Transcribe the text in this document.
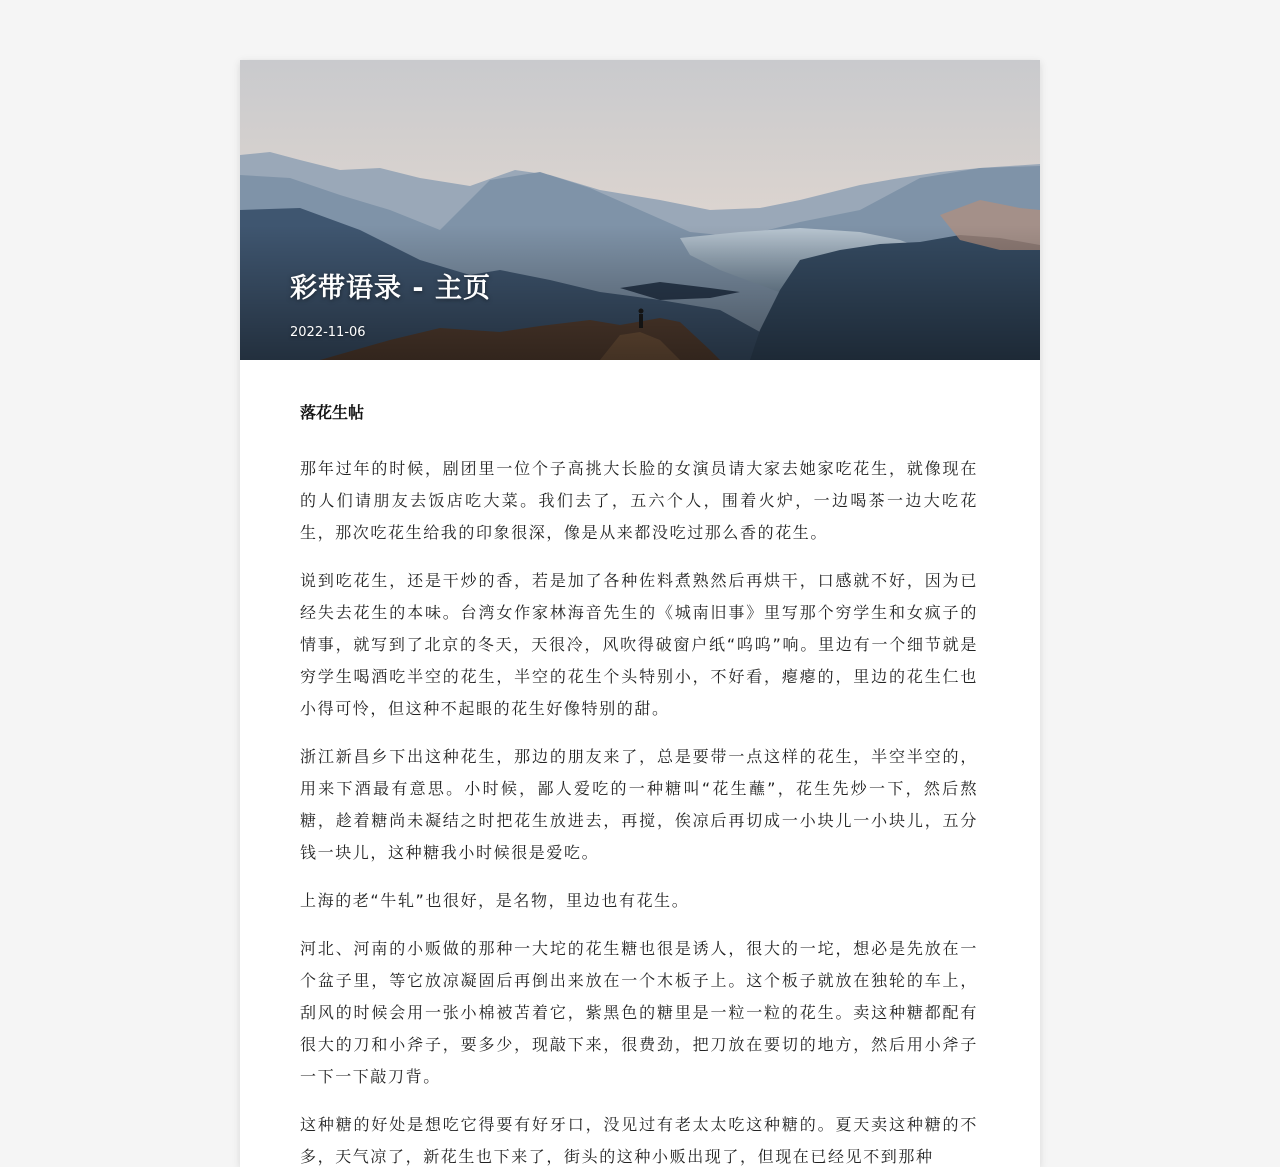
彩带语录 - 主页
2022-11-06
落花生帖

那年过年的时候，剧团里一位个子高挑大长脸的女演员请大家去她家吃花生，就像现在的人们请朋友去饭店吃大菜。我们去了，五六个人，围着火炉，一边喝茶一边大吃花生，那次吃花生给我的印象很深，像是从来都没吃过那么香的花生。

说到吃花生，还是干炒的香，若是加了各种佐料煮熟然后再烘干，口感就不好，因为已经失去花生的本味。台湾女作家林海音先生的《城南旧事》里写那个穷学生和女疯子的情事，就写到了北京的冬天，天很冷，风吹得破窗户纸“呜呜”响。里边有一个细节就是穷学生喝酒吃半空的花生，半空的花生个头特别小，不好看，瘪瘪的，里边的花生仁也小得可怜，但这种不起眼的花生好像特别的甜。

浙江新昌乡下出这种花生，那边的朋友来了，总是要带一点这样的花生，半空半空的，用来下酒最有意思。小时候，鄙人爱吃的一种糖叫“花生蘸”，花生先炒一下，然后熬糖，趁着糖尚未凝结之时把花生放进去，再搅，俟凉后再切成一小块儿一小块儿，五分钱一块儿，这种糖我小时候很是爱吃。

上海的老“牛轧”也很好，是名物，里边也有花生。

河北、河南的小贩做的那种一大坨的花生糖也很是诱人，很大的一坨，想必是先放在一个盆子里，等它放凉凝固后再倒出来放在一个木板子上。这个板子就放在独轮的车上，刮风的时候会用一张小棉被苫着它，紫黑色的糖里是一粒一粒的花生。卖这种糖都配有很大的刀和小斧子，要多少，现敲下来，很费劲，把刀放在要切的地方，然后用小斧子一下一下敲刀背。

这种糖的好处是想吃它得要有好牙口，没见过有老太太吃这种糖的。夏天卖这种糖的不多，天气凉了，新花生也下来了，街头的这种小贩出现了，但现在已经见不到那种
